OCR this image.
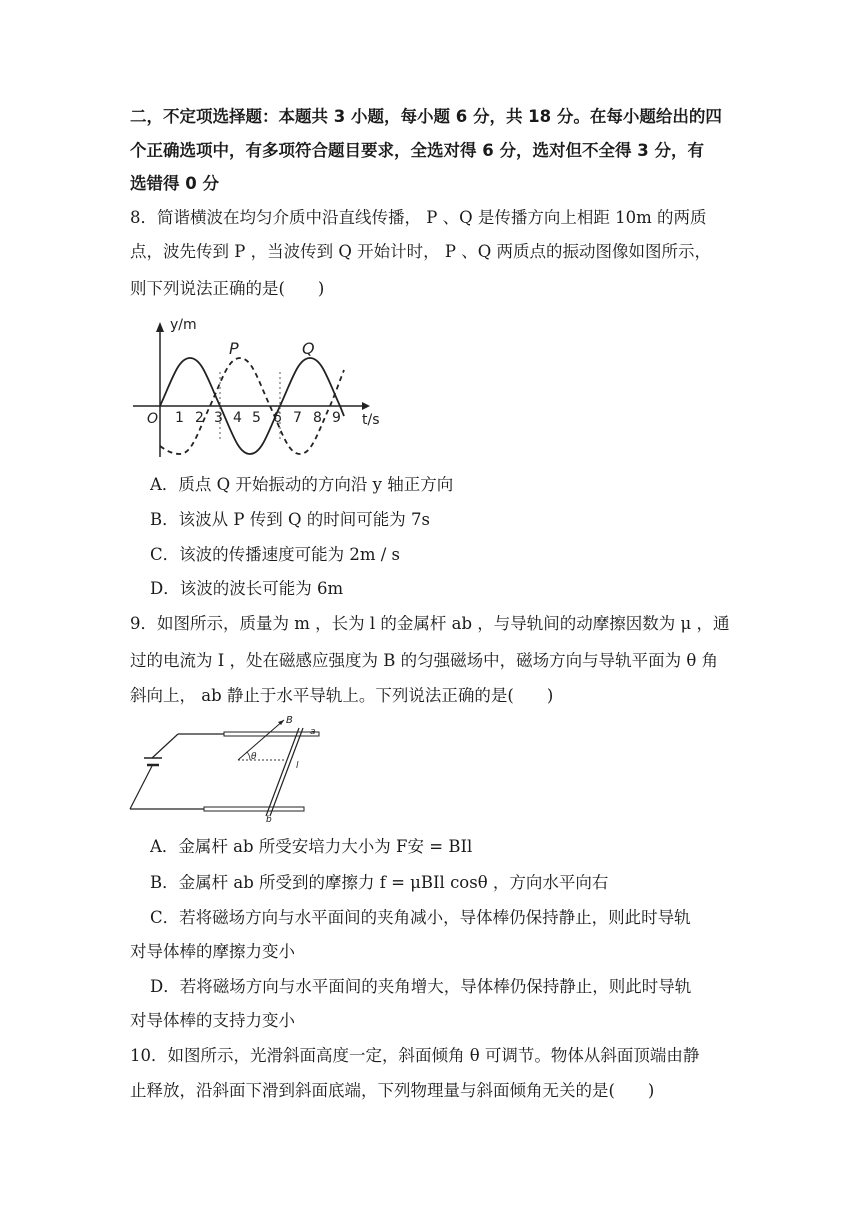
二，不定项选择题：本题共 3 小题，每小题 6 分，共 18 分。在每小题给出的四
个正确选项中，有多项符合题目要求，全选对得 6 分，选对但不全得 3 分，有
选错得 0 分
8．简谐横波在均匀介质中沿直线传播， P 、Q 是传播方向上相距 10m 的两质
点，波先传到 P ，当波传到 Q 开始计时， P 、Q 两质点的振动图像如图所示，
则下列说法正确的是(　　)
y/m
t/s
O 1 2 3 4 5 6 7 8 9
P	Q
A．质点 Q 开始振动的方向沿 y 轴正方向
B．该波从 P 传到 Q 的时间可能为 7s
C．该波的传播速度可能为 2m / s
D．该波的波长可能为 6m
9．如图所示，质量为 m ，长为 l 的金属杆 ab ，与导轨间的动摩擦因数为 μ ，通
过的电流为 I ，处在磁感应强度为 B 的匀强磁场中，磁场方向与导轨平面为 θ 角
斜向上， ab 静止于水平导轨上。下列说法正确的是(　　)
B
a
b
θ
l
A．金属杆 ab 所受安培力大小为 F安 = BIl
B．金属杆 ab 所受到的摩擦力 f = μBIl cosθ ，方向水平向右
C．若将磁场方向与水平面间的夹角减小，导体棒仍保持静止，则此时导轨
对导体棒的摩擦力变小
D．若将磁场方向与水平面间的夹角增大，导体棒仍保持静止，则此时导轨
对导体棒的支持力变小
10．如图所示，光滑斜面高度一定，斜面倾角 θ 可调节。物体从斜面顶端由静
止释放，沿斜面下滑到斜面底端，下列物理量与斜面倾角无关的是(　　)
